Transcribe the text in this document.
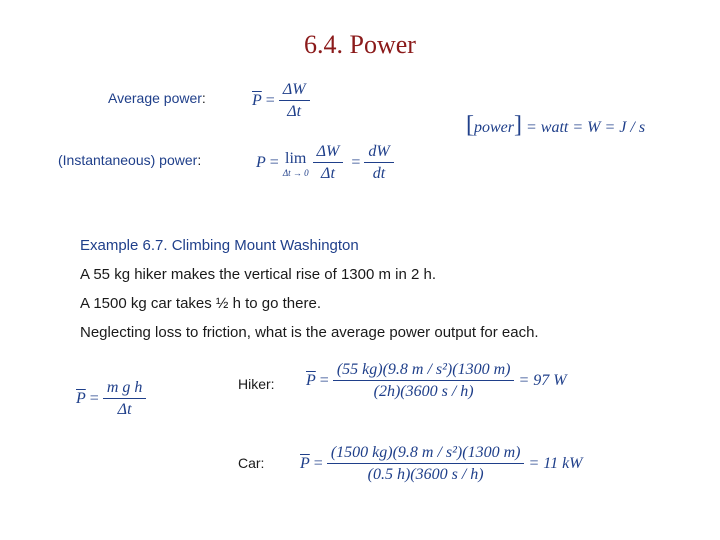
6.4. Power
Average power:	$\overline{P} = \frac{\Delta W}{\Delta t}$
[power] = watt = W = J / s
(Instantaneous) power:	P = lim
Δt → 0
$\frac{\Delta W}{\Delta t} = \frac{dW}{dt}$
Example 6.7. Climbing Mount Washington
A 55 kg hiker makes the vertical rise of 1300 m in 2 h.
A 1500 kg car takes ½ h to go there.
Neglecting loss to friction, what is the average power output for each.
$\overline{P} = \frac{\text{m g h}}{\Delta t}$	Hiker: $\overline{P} = \frac{\text{(55 kg)(9.8 m / s²)(1300 m)}}{(2h)(3600 s / h)} = 97$ W
Car: $\overline{P} = \frac{\text{(1500 kg)(9.8 m / s²)(1300 m)}}{(0.5 h)(3600 s / h)} = 11$ kW
